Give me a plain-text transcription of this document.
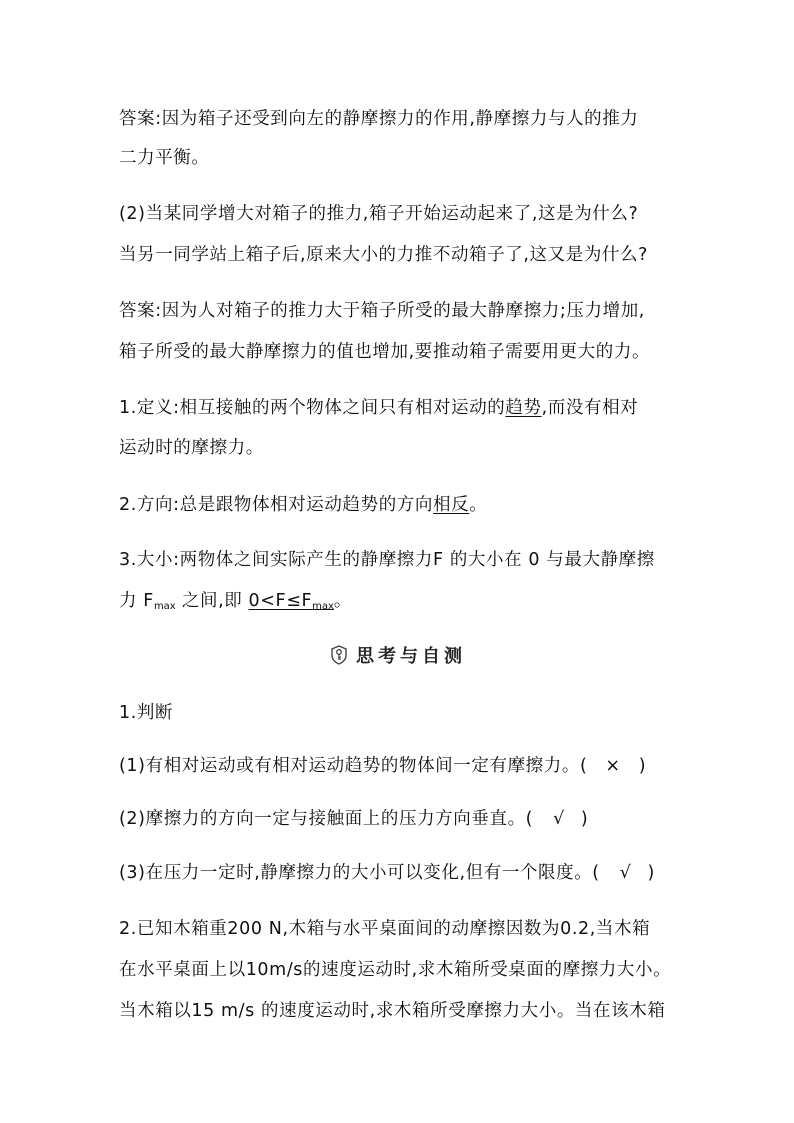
答案:因为箱子还受到向左的静摩擦力的作用,静摩擦力与人的推力
二力平衡。
(2)当某同学增大对箱子的推力,箱子开始运动起来了,这是为什么?
当另一同学站上箱子后,原来大小的力推不动箱子了,这又是为什么?
答案:因为人对箱子的推力大于箱子所受的最大静摩擦力;压力增加,
箱子所受的最大静摩擦力的值也增加,要推动箱子需要用更大的力。
1.定义:相互接触的两个物体之间只有相对运动的趋势,而没有相对
运动时的摩擦力。
2.方向:总是跟物体相对运动趋势的方向相反。
3.大小:两物体之间实际产生的静摩擦力F 的大小在 0 与最大静摩擦
力 $F_{max}$ 之间,即 $0<F\le F_{max}$。
思考与自测
1.判断
(1)有相对运动或有相对运动趋势的物体间一定有摩擦力。( × )
(2)摩擦力的方向一定与接触面上的压力方向垂直。( √ )
(3)在压力一定时,静摩擦力的大小可以变化,但有一个限度。( √ )
2.已知木箱重200 N,木箱与水平桌面间的动摩擦因数为0.2,当木箱
在水平桌面上以10m/s的速度运动时,求木箱所受桌面的摩擦力大小。
当木箱以15 m/s 的速度运动时,求木箱所受摩擦力大小。当在该木箱
